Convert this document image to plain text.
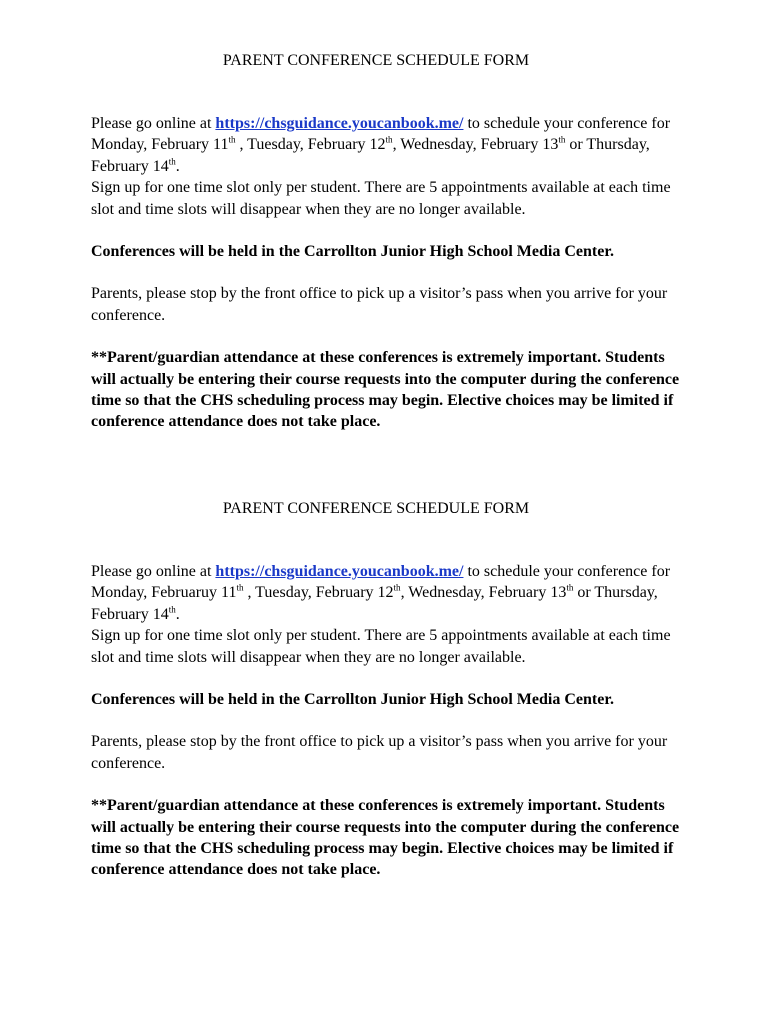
PARENT CONFERENCE SCHEDULE FORM
Please go online at https://chsguidance.youcanbook.me/ to schedule your conference for Monday, February 11th , Tuesday, February 12th, Wednesday, February 13th or Thursday, February 14th.
Sign up for one time slot only per student. There are 5 appointments available at each time slot and time slots will disappear when they are no longer available.
Conferences will be held in the Carrollton Junior High School Media Center.
Parents, please stop by the front office to pick up a visitor’s pass when you arrive for your conference.
**Parent/guardian attendance at these conferences is extremely important. Students will actually be entering their course requests into the computer during the conference time so that the CHS scheduling process may begin. Elective choices may be limited if conference attendance does not take place.
PARENT CONFERENCE SCHEDULE FORM
Please go online at https://chsguidance.youcanbook.me/ to schedule your conference for Monday, Februaruy 11th , Tuesday, February 12th, Wednesday, February 13th or Thursday, February 14th.
Sign up for one time slot only per student. There are 5 appointments available at each time slot and time slots will disappear when they are no longer available.
Conferences will be held in the Carrollton Junior High School Media Center.
Parents, please stop by the front office to pick up a visitor’s pass when you arrive for your conference.
**Parent/guardian attendance at these conferences is extremely important. Students will actually be entering their course requests into the computer during the conference time so that the CHS scheduling process may begin. Elective choices may be limited if conference attendance does not take place.
